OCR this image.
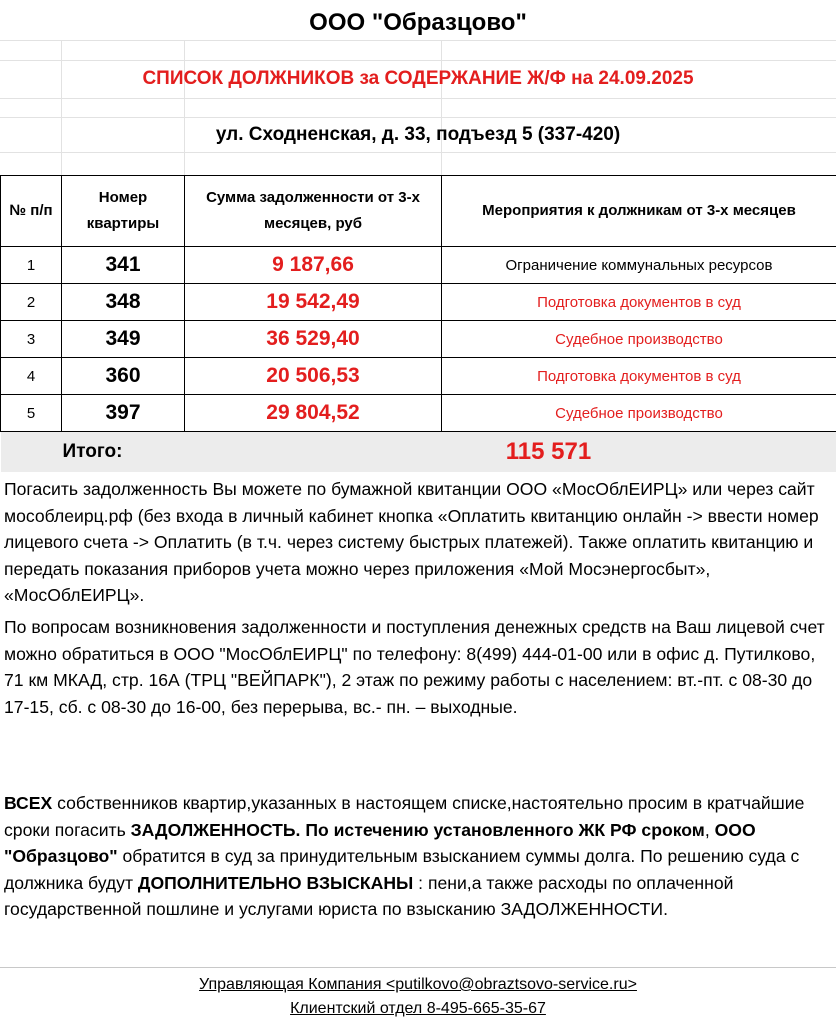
ООО "Образцово"
СПИСОК ДОЛЖНИКОВ за СОДЕРЖАНИЕ Ж/Ф на 24.09.2025
ул. Сходненская, д. 33, подъезд 5 (337-420)
№ п/п	Номер квартиры	Сумма задолженности от 3-х месяцев, руб	Мероприятия к должникам от 3-х месяцев
1	341	9 187,66	Ограничение коммунальных ресурсов
2	348	19 542,49	Подготовка документов в суд
3	349	36 529,40	Судебное производство
4	360	20 506,53	Подготовка документов в суд
5	397	29 804,52	Судебное производство
Итого:		115 571	
Погасить задолженность Вы можете по бумажной квитанции ООО «МосОблЕИРЦ» или через сайт мособлеирц.рф (без входа в личный кабинет кнопка «Оплатить квитанцию онлайн -> ввести номер лицевого счета -> Оплатить (в т.ч. через систему быстрых платежей). Также оплатить квитанцию и передать показания приборов учета можно через приложения «Мой Мосэнергосбыт», «МосОблЕИРЦ».
По вопросам возникновения задолженности и поступления денежных средств на Ваш лицевой счет можно обратиться в ООО "МосОблЕИРЦ" по телефону: 8(499) 444-01-00 или в офис д. Путилково, 71 км МКАД, стр. 16А (ТРЦ "ВЕЙПАРК"), 2 этаж по режиму работы с населением: вт.-пт. с 08-30 до 17-15, сб. с 08-30 до 16-00, без перерыва, вс.- пн. – выходные.
ВСЕХ собственников квартир,указанных в настоящем списке,настоятельно просим в кратчайшие сроки погасить ЗАДОЛЖЕННОСТЬ. По истечению установленного ЖК РФ сроком, ООО "Образцово" обратится в суд за принудительным взысканием суммы долга. По решению суда с должника будут ДОПОЛНИТЕЛЬНО ВЗЫСКАНЫ : пени,а также расходы по оплаченной государственной пошлине и услугами юриста по взысканию ЗАДОЛЖЕННОСТИ.
Управляющая Компания <putilkovo@obraztsovo-service.ru>
Клиентский отдел 8-495-665-35-67
